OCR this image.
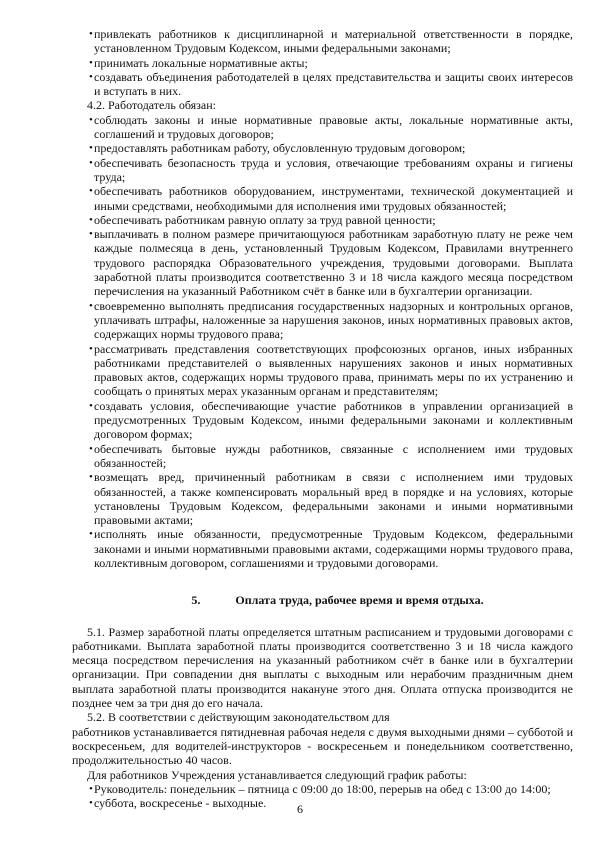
• привлекать работников к дисциплинарной и материальной ответственности в порядке, установленном Трудовым Кодексом, иными федеральными законами;
• принимать локальные нормативные акты;
• создавать объединения работодателей в целях представительства и защиты своих интересов и вступать в них.
4.2. Работодатель обязан:
• соблюдать законы и иные нормативные правовые акты, локальные нормативные акты, соглашений и трудовых договоров;
• предоставлять работникам работу, обусловленную трудовым договором;
• обеспечивать безопасность труда и условия, отвечающие требованиям охраны и гигиены труда;
• обеспечивать работников оборудованием, инструментами, технической документацией и иными средствами, необходимыми для исполнения ими трудовых обязанностей;
• обеспечивать работникам равную оплату за труд равной ценности;
• выплачивать в полном размере причитающуюся работникам заработную плату не реже чем каждые полмесяца в день, установленный Трудовым Кодексом, Правилами внутреннего трудового распорядка Образовательного учреждения, трудовыми договорами. Выплата заработной платы производится соответственно 3 и 18 числа каждого месяца посредством перечисления на указанный Работником счёт в банке или в бухгалтерии организации.
• своевременно выполнять предписания государственных надзорных и контрольных органов, уплачивать штрафы, наложенные за нарушения законов, иных нормативных правовых актов, содержащих нормы трудового права;
• рассматривать представления соответствующих профсоюзных органов, иных избранных работниками представителей о выявленных нарушениях законов и иных нормативных правовых актов, содержащих нормы трудового права, принимать меры по их устранению и сообщать о принятых мерах указанным органам и представителям;
• создавать условия, обеспечивающие участие работников в управлении организацией в предусмотренных Трудовым Кодексом, иными федеральными законами и коллективным договором формах;
• обеспечивать бытовые нужды работников, связанные с исполнением ими трудовых обязанностей;
• возмещать вред, причиненный работникам в связи с исполнением ими трудовых обязанностей, а также компенсировать моральный вред в порядке и на условиях, которые установлены Трудовым Кодексом, федеральными законами и иными нормативными правовыми актами;
• исполнять иные обязанности, предусмотренные Трудовым Кодексом, федеральными законами и иными нормативными правовыми актами, содержащими нормы трудового права, коллективным договором, соглашениями и трудовыми договорами.
5.	Оплата труда, рабочее время и время отдыха.
5.1. Размер заработной платы определяется штатным расписанием и трудовыми договорами с работниками. Выплата заработной платы производится соответственно 3 и 18 числа каждого месяца посредством перечисления на указанный работником счёт в банке или в бухгалтерии организации. При совпадении дня выплаты с выходным или нерабочим праздничным днем выплата заработной платы производится накануне этого дня. Оплата отпуска производится не позднее чем за три дня до его начала.
5.2. В соответствии с действующим законодательством для
работников устанавливается пятидневная рабочая неделя с двумя выходными днями – субботой и воскресеньем, для водителей-инструкторов - воскресеньем и понедельником соответственно, продолжительностью 40 часов.
Для работников Учреждения устанавливается следующий график работы:
• Руководитель: понедельник – пятница с 09:00 до 18:00, перерыв на обед с 13:00 до 14:00;
• суббота, воскресенье - выходные.	6
